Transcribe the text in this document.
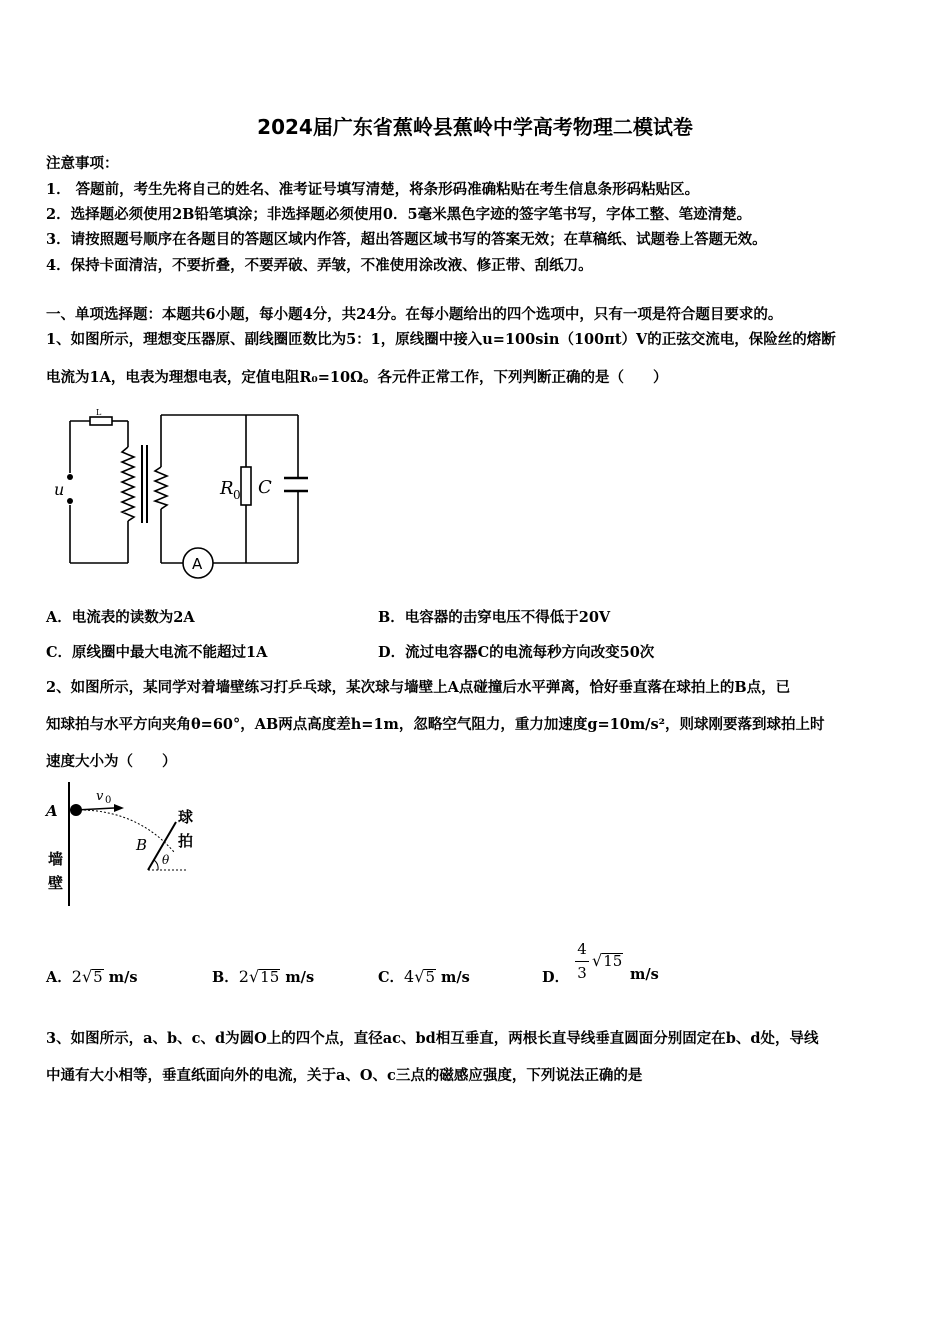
2024届广东省蕉岭县蕉岭中学高考物理二模试卷
注意事项：
1． 答题前，考生先将自己的姓名、准考证号填写清楚，将条形码准确粘贴在考生信息条形码粘贴区。
2．选择题必须使用2B铅笔填涂；非选择题必须使用0．5毫米黑色字迹的签字笔书写，字体工整、笔迹清楚。
3．请按照题号顺序在各题目的答题区域内作答，超出答题区域书写的答案无效；在草稿纸、试题卷上答题无效。
4．保持卡面清洁，不要折叠，不要弄破、弄皱，不准使用涂改液、修正带、刮纸刀。
一、单项选择题：本题共6小题，每小题4分，共24分。在每小题给出的四个选项中，只有一项是符合题目要求的。
1、如图所示，理想变压器原、副线圈匝数比为5：1，原线圈中接入u=100sin（100πt）V的正弦交流电，保险丝的熔断
电流为1A，电表为理想电表，定值电阻R₀=10Ω。各元件正常工作，下列判断正确的是（　　）
u
L
R 0 C
A
A．电流表的读数为2A	B．电容器的击穿电压不得低于20V
C．原线圈中最大电流不能超过1A	D．流过电容器C的电流每秒方向改变50次
2、如图所示，某同学对着墙壁练习打乒乓球，某次球与墙壁上A点碰撞后水平弹离，恰好垂直落在球拍上的B点，已
知球拍与水平方向夹角θ=60°，AB两点高度差h=1m，忽略空气阻力，重力加速度g=10m/s²，则球刚要落到球拍上时
速度大小为（　　）
A
v 0
B
θ
墙
壁
球
拍
A．2√5 m/s	B．2√15 m/s	C．4√5 m/s	D．
4
3
√15
m/s
3、如图所示，a、b、c、d为圆O上的四个点，直径ac、bd相互垂直，两根长直导线垂直圆面分别固定在b、d处，导线
中通有大小相等，垂直纸面向外的电流，关于a、O、c三点的磁感应强度，下列说法正确的是
